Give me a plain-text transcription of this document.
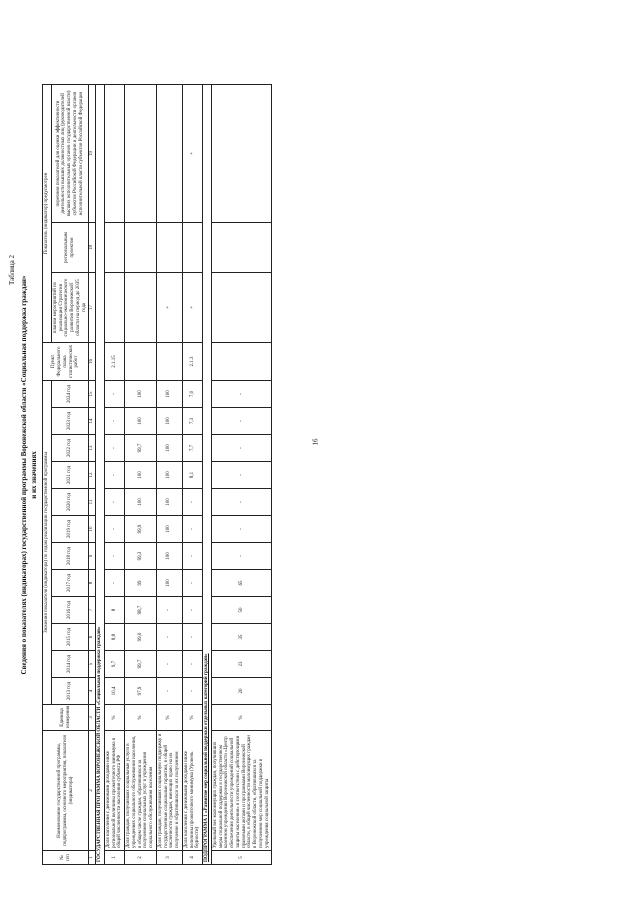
16
Таблица 2
Сведения о показателях (индикаторах) государственной программы Воронежской области «Социальная поддержка граждан» и их значениях
№ п/п	Наименование государственной программы, подпрограммы, основного мероприятия, показателя (индикатора)	Единица измерения	Значения показателя (индикатора) по годам реализации государственной программы												Пункт Федерального плана статистических работ	Показатель (индикатор) предусмотрен		
			2013 год	2014 год	2015 год	2016 год	2017 год	2018 год	2019 год	2020 год	2021 год	2022 год	2023 год	2024 год		планом мероприятий по реализации Стратегии социально-экономического развития Воронежской области на период до 2035 года	региональным проектом	перечнем показателей для оценки эффективности деятельности высших должностных лиц (руководителей высших исполнительных органов государственной власти) субъектов Российской Федерации и деятельности органов исполнительной власти субъектов Российской Федерации
1	2	3	4	5	6	7	8	9	10	11	12	13	14	15	16	17	18	19
ГОСУДАРСТВЕННАЯ ПРОГРАММА ВОРОНЕЖСКОЙ ОБЛАСТИ «Социальная поддержка граждан»																		
1	Доля населения с денежными доходами ниже региональной величины прожиточного минимума в общей численности населения субъекта РФ	%	10,4	9,7	8,8	8	-	-	-	-	-	-	-	-	2.1.15			
2	Доля граждан, получивших социальные услуги в учреждениях социального обслуживания населения, в общем числе граждан, обратившихся за получением социальных услуг в учреждения социального обслуживания населения	%	97,9	99,7	99,0	98,7	99	99,3	99,9	100	100	99,7	100	100				
3	Доля граждан, получивших социальную поддержку и государственные социальные гарантии, в общей численности граждан, имеющих право на их получение и обратившихся за их получением	%	-	-	-	-	100	100	100	100	100	100	100	100		+		
4	Доля населения с денежными доходами ниже величины прожиточного минимума (Уровень бедности)	%	-	-	-	-	-	-	-	-	8,1	7,7	7,3	7,0	2.1.3	+		+
ПОДПРОГРАММА 1 «Развитие мер социальной поддержки отдельных категорий граждан»																		
5	Удельный вес малоимущих граждан, получивших меры социальной поддержки в государственном казенном учреждении Воронежской области «Центр обеспечения деятельности учреждений социальной защиты населения» в соответствии с действующими правовыми актами и программами Воронежской области, в общей численности малоимущих граждан в Воронежской области, обратившихся за получением мер социальной поддержки в учреждения социальной защиты	%	20	23	35	50	65	-	-	-	-	-	-	-				
